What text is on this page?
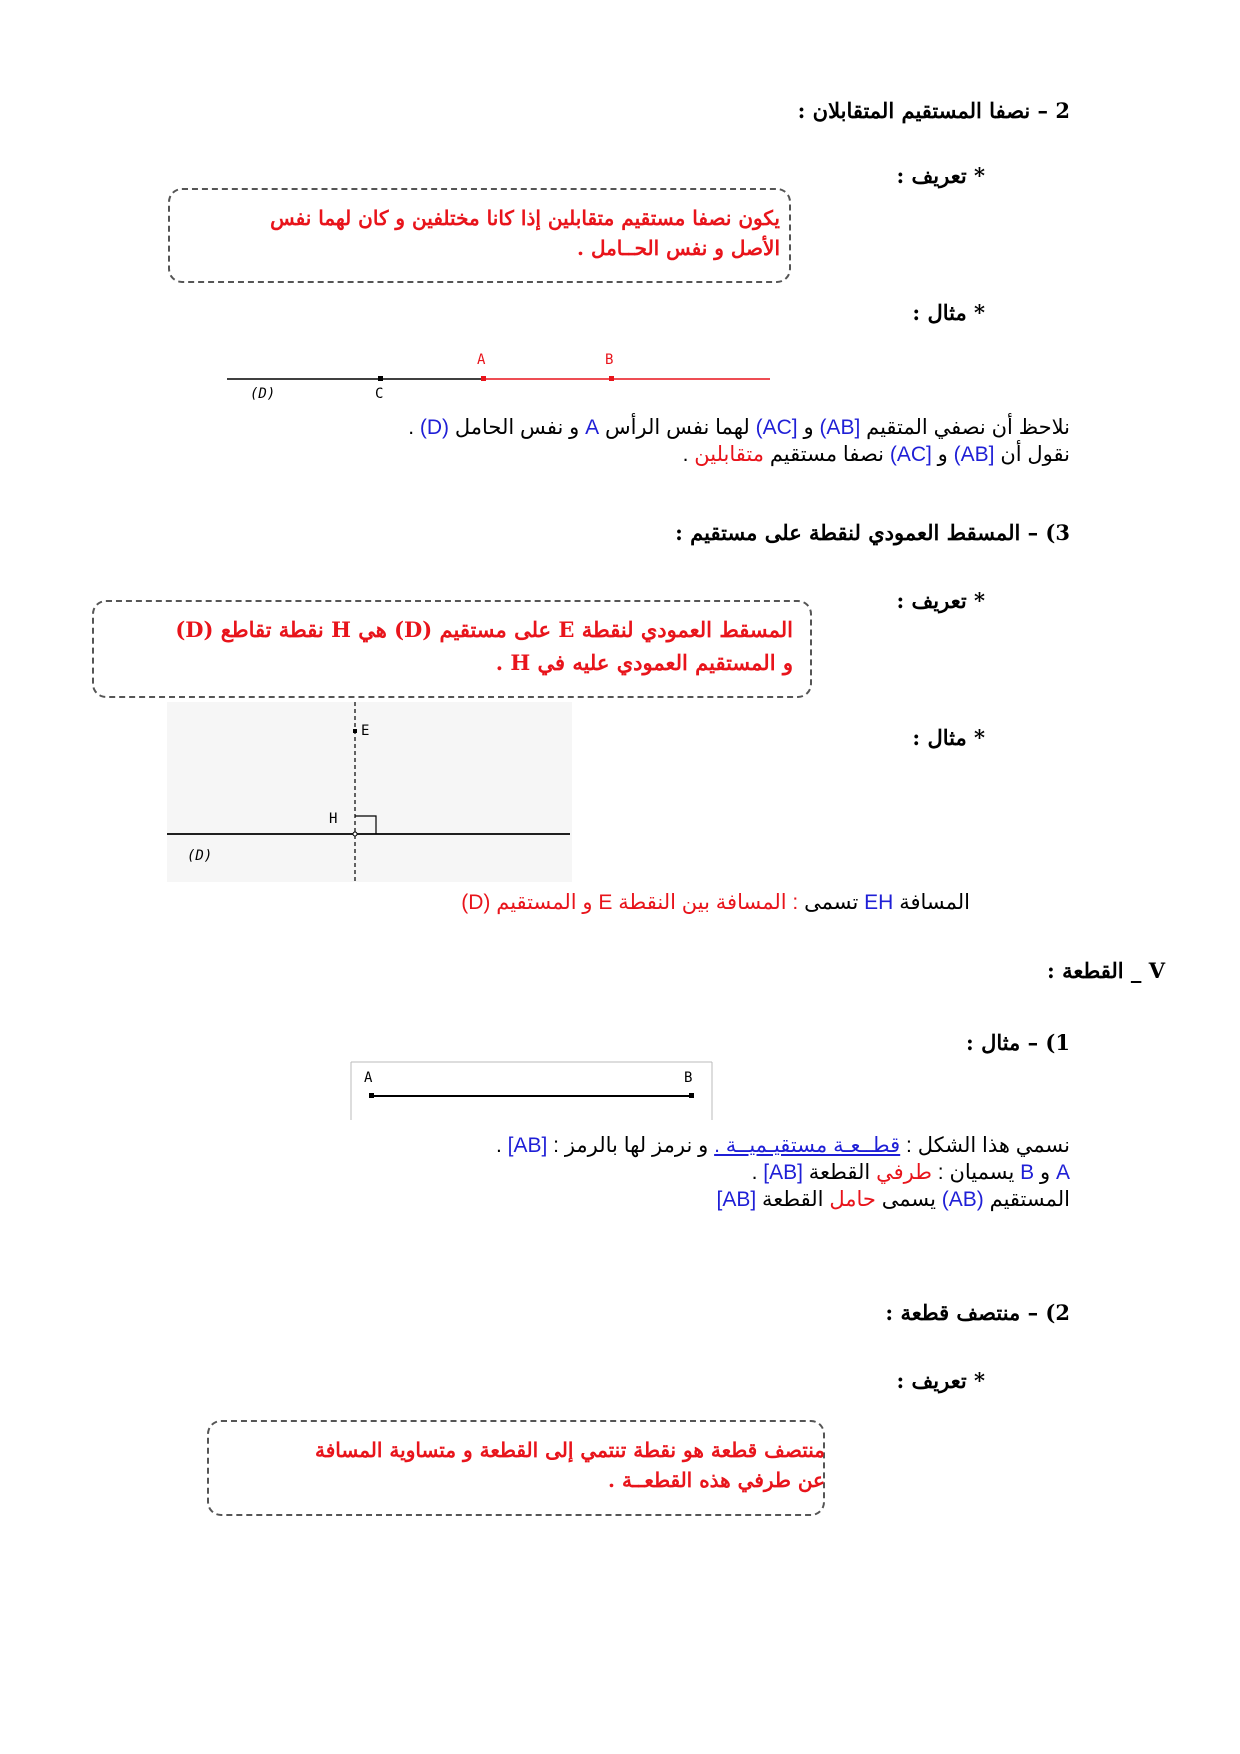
2 – نصفا المستقيم المتقابلان :
* تعريف :
يكون نصفا مستقيم متقابلين إذا كانا مختلفين و كان لهما نفس
الأصل و نفس الحــامل .
* مثال :
(D)	C
A	B
نلاحظ أن نصفي المتقيم (AB] و (AC] لهما نفس الرأس A و نفس الحامل (D) .
نقول أن (AB] و (AC] نصفا مستقيم متقابلين .
3) – المسقط العمودي لنقطة على مستقيم :
* تعريف :
المسقط العمودي لنقطة E على مستقيم (D) هي H نقطة تقاطع (D)
و المستقيم العمودي عليه في H .
* مثال :
E
H
(D)
المسافة EH تسمى : المسافة بين النقطة E و المستقيم (D)
V _ القطعة :
1) – مثال :
A	B
نسمي هذا الشكل : قطــعـة مستقيـميــة . و نرمز لها بالرمز : [AB] .
A و B يسميان : طرفي القطعة [AB] .
المستقيم (AB) يسمى حامل القطعة [AB]
2) – منتصف قطعة :
* تعريف :
منتصف قطعة هو نقطة تنتمي إلى القطعة و متساوية المسافة
عن طرفي هذه القطعــة .
